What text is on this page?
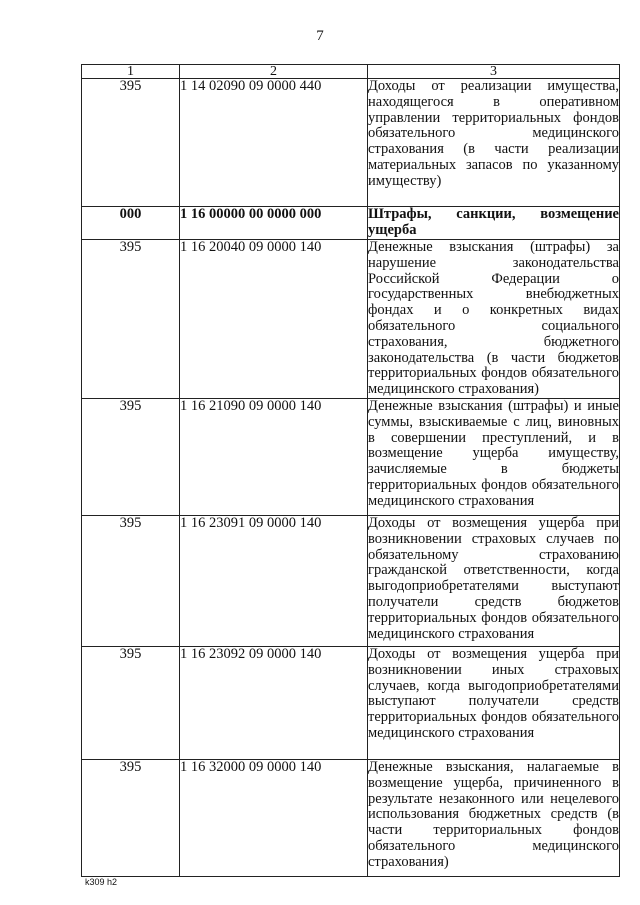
7
1	2	3
395	1 14 02090 09 0000 440	Доходы от реализации имущества, находящегося в оперативном управлении территориальных фондов обязательного медицинского страхования (в части реализации материальных запасов по указанному имуществу)
000	1 16 00000 00 0000 000	Штрафы, санкции, возмещение ущерба
395	1 16 20040 09 0000 140	Денежные взыскания (штрафы) за нарушение законодательства Российской Федерации о государственных внебюджетных фондах и о конкретных видах обязательного социального страхования, бюджетного законодательства (в части бюджетов территориальных фондов обязательного медицинского страхования)
395	1 16 21090 09 0000 140	Денежные взыскания (штрафы) и иные суммы, взыскиваемые с лиц, виновных в совершении преступлений, и в возмещение ущерба имуществу, зачисляемые в бюджеты территориальных фондов обязательного медицинского страхования
395	1 16 23091 09 0000 140	Доходы от возмещения ущерба при возникновении страховых случаев по обязательному страхованию гражданской ответственности, когда выгодоприобретателями выступают получатели средств бюджетов территориальных фондов обязательного медицинского страхования
395	1 16 23092 09 0000 140	Доходы от возмещения ущерба при возникновении иных страховых случаев, когда выгодоприобретателями выступают получатели средств территориальных фондов обязательного медицинского страхования
395	1 16 32000 09 0000 140	Денежные взыскания, налагаемые в возмещение ущерба, причиненного в результате незаконного или нецелевого использования бюджетных средств (в части территориальных фондов обязательного медицинского страхования)
k309 h2
